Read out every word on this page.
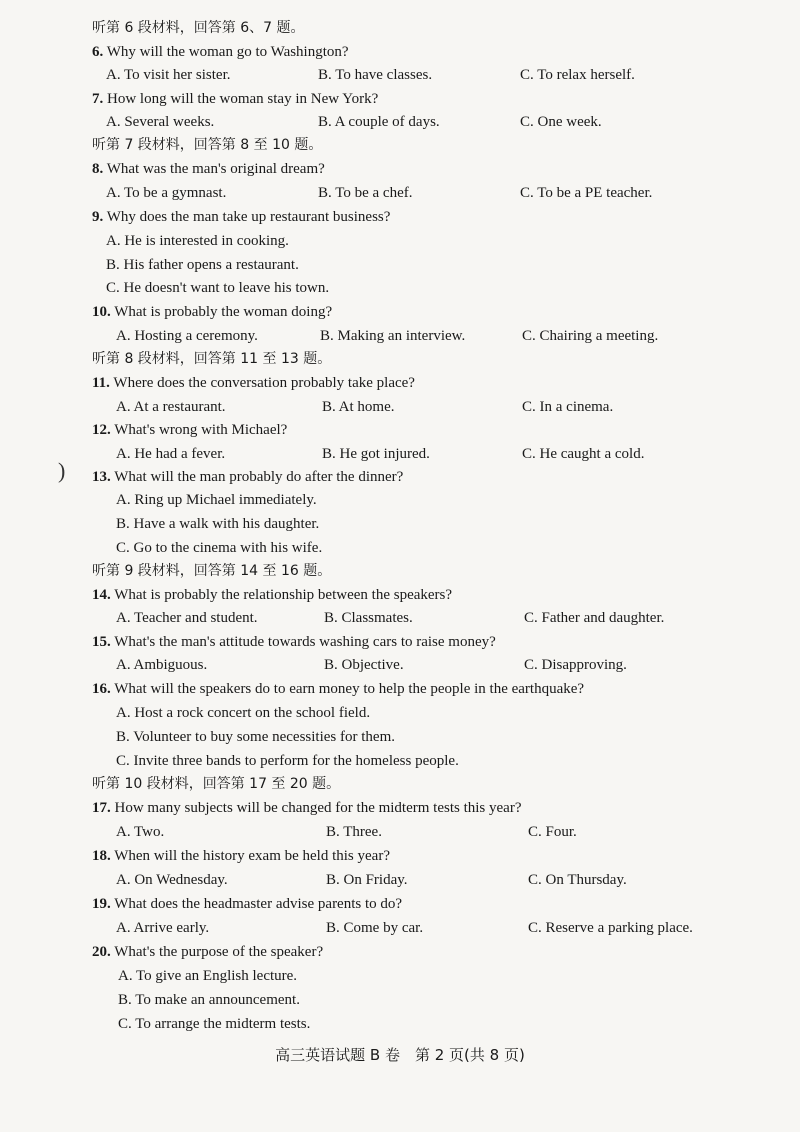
听第 6 段材料，回答第 6、7 题。
6. Why will the woman go to Washington?
A. To visit her sister.	B. To have classes.	C. To relax herself.
7. How long will the woman stay in New York?
A. Several weeks.	B. A couple of days.	C. One week.
听第 7 段材料，回答第 8 至 10 题。
8. What was the man's original dream?
A. To be a gymnast.	B. To be a chef.	C. To be a PE teacher.
9. Why does the man take up restaurant business?
A. He is interested in cooking.
B. His father opens a restaurant.
C. He doesn't want to leave his town.
10. What is probably the woman doing?
A. Hosting a ceremony.	B. Making an interview.	C. Chairing a meeting.
听第 8 段材料，回答第 11 至 13 题。
11. Where does the conversation probably take place?
A. At a restaurant.	B. At home.	C. In a cinema.
12. What's wrong with Michael?
A. He had a fever.	B. He got injured.	C. He caught a cold.
) 13. What will the man probably do after the dinner?
A. Ring up Michael immediately.
B. Have a walk with his daughter.
C. Go to the cinema with his wife.
听第 9 段材料，回答第 14 至 16 题。
14. What is probably the relationship between the speakers?
A. Teacher and student.	B. Classmates.	C. Father and daughter.
15. What's the man's attitude towards washing cars to raise money?
A. Ambiguous.	B. Objective.	C. Disapproving.
16. What will the speakers do to earn money to help the people in the earthquake?
A. Host a rock concert on the school field.
B. Volunteer to buy some necessities for them.
C. Invite three bands to perform for the homeless people.
听第 10 段材料，回答第 17 至 20 题。
17. How many subjects will be changed for the midterm tests this year?
A. Two.	B. Three.	C. Four.
18. When will the history exam be held this year?
A. On Wednesday.	B. On Friday.	C. On Thursday.
19. What does the headmaster advise parents to do?
A. Arrive early.	B. Come by car.	C. Reserve a parking place.
20. What's the purpose of the speaker?
A. To give an English lecture.
B. To make an announcement.
C. To arrange the midterm tests.
高三英语试题 B 卷　第 2 页(共 8 页)
